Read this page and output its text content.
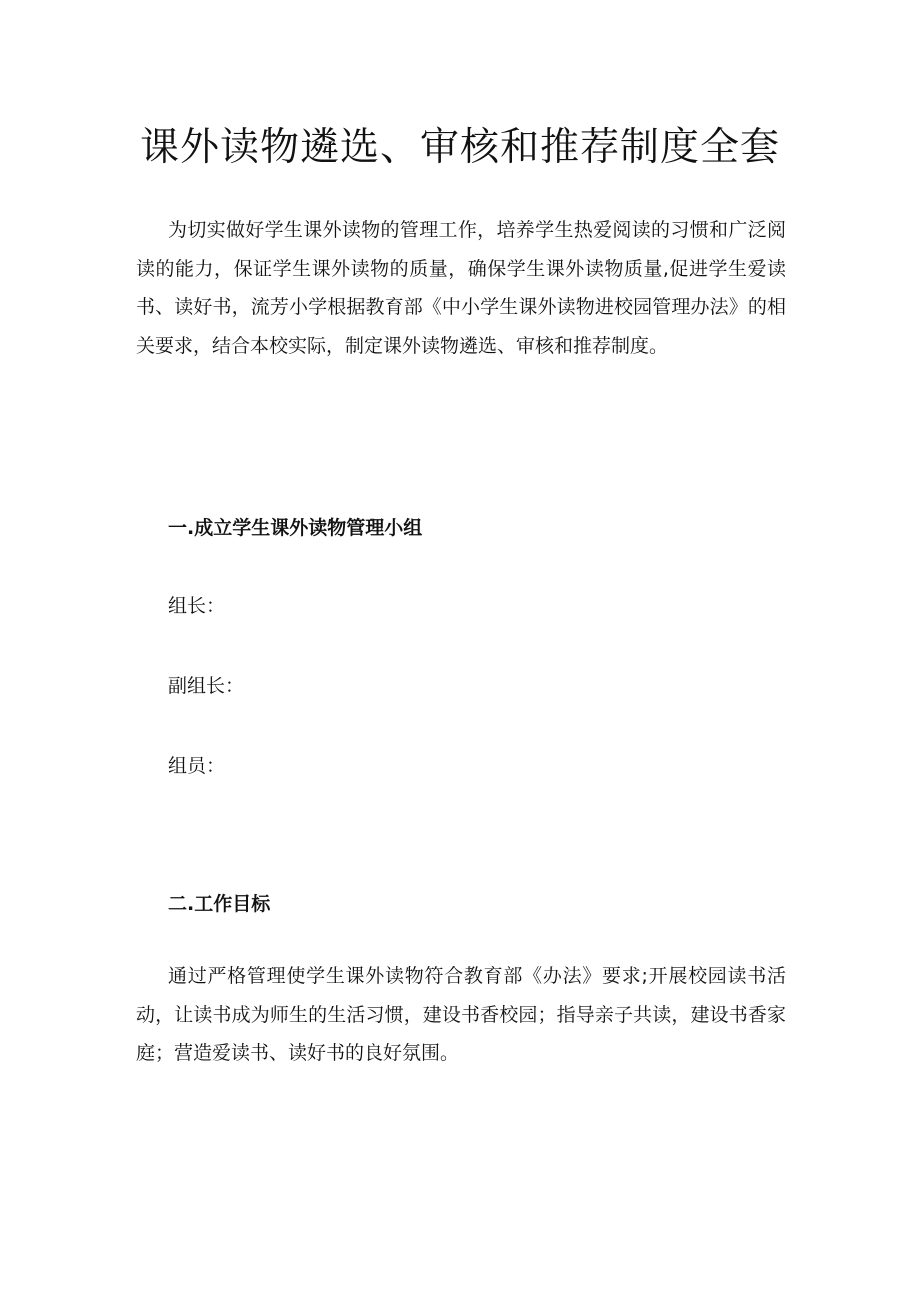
课外读物遴选、审核和推荐制度全套

为切实做好学生课外读物的管理工作，培养学生热爱阅读的习惯和广泛阅读的能力，保证学生课外读物的质量，确保学生课外读物质量,促进学生爱读书、读好书，流芳小学根据教育部《中小学生课外读物进校园管理办法》的相关要求，结合本校实际，制定课外读物遴选、审核和推荐制度。

一.成立学生课外读物管理小组

组长：

副组长：

组员：

二.工作目标

通过严格管理使学生课外读物符合教育部《办法》要求;开展校园读书活动，让读书成为师生的生活习惯，建设书香校园；指导亲子共读，建设书香家庭；营造爱读书、读好书的良好氛围。
